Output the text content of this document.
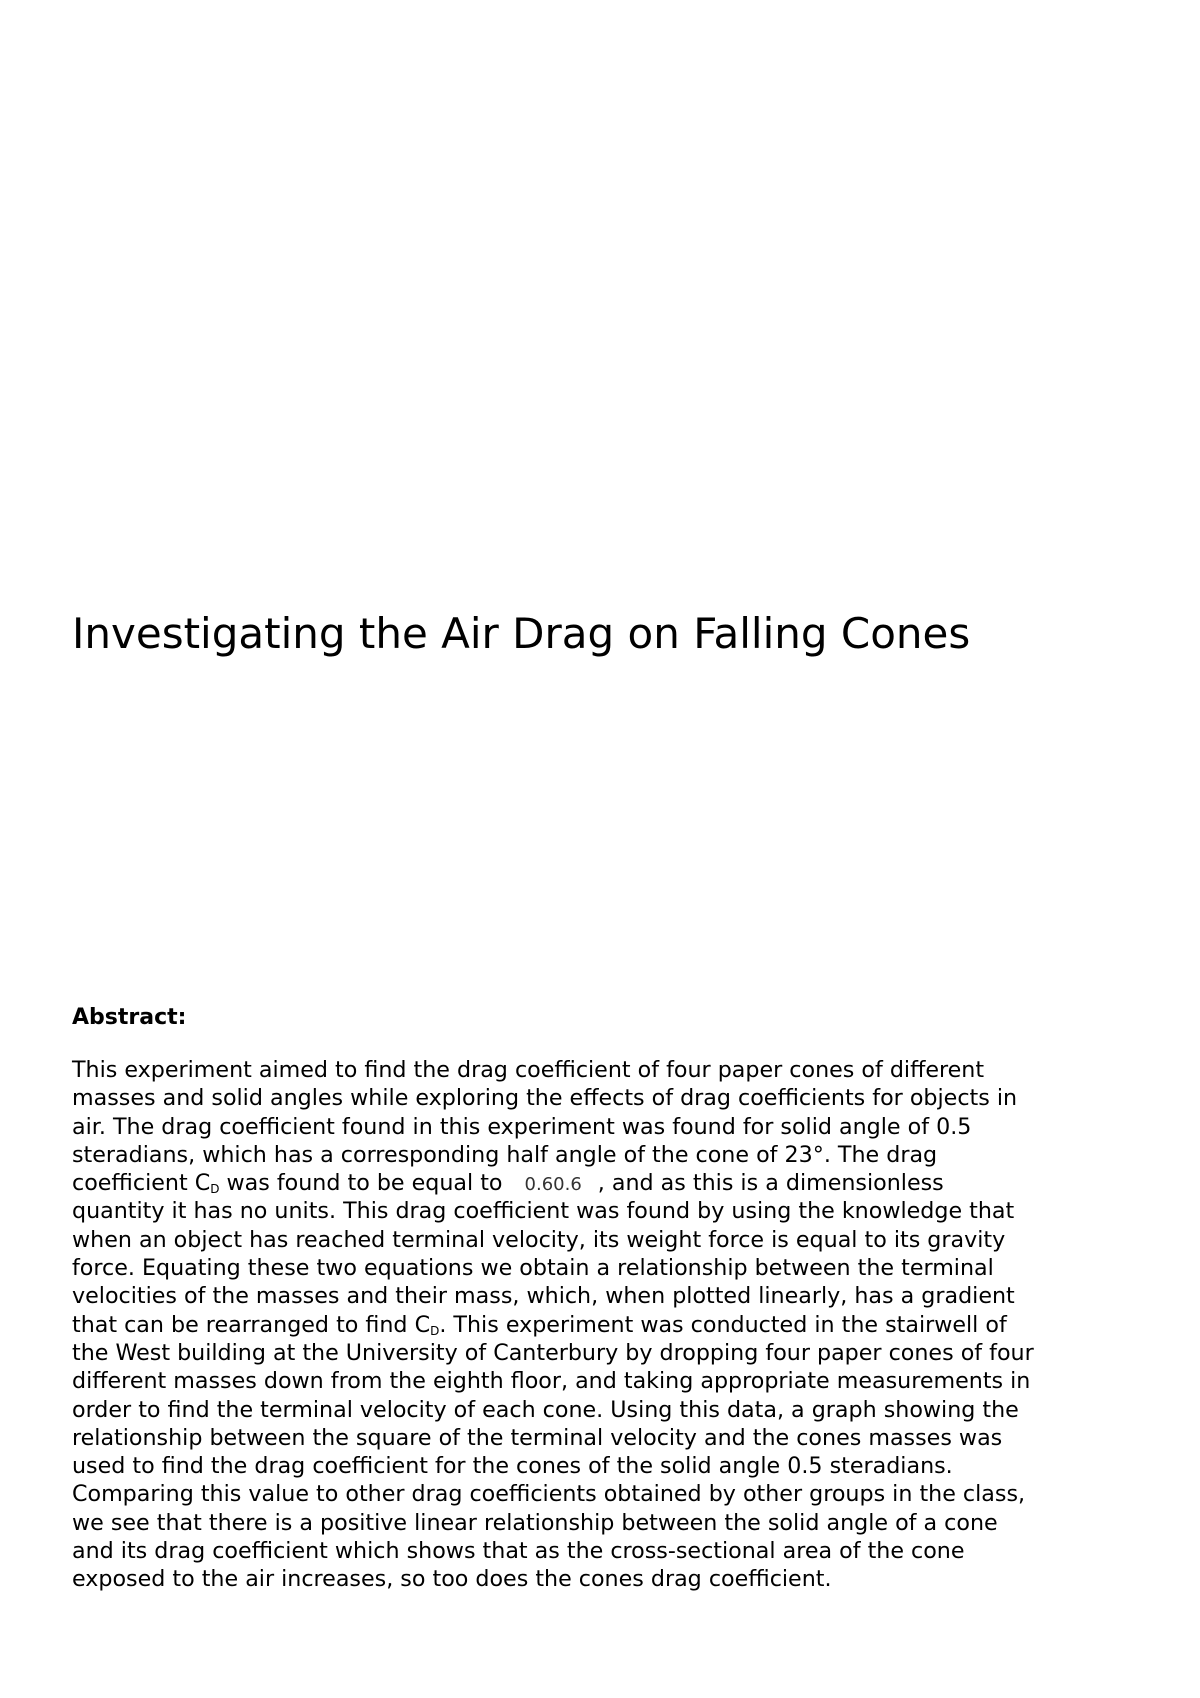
Investigating the Air Drag on Falling Cones
Abstract:
This experiment aimed to find the drag coefficient of four paper cones of different
masses and solid angles while exploring the effects of drag coefficients for objects in
air. The drag coefficient found in this experiment was found for solid angle of 0.5
steradians, which has a corresponding half angle of the cone of 23°. The drag
coefficient $C_D$ was found to be equal to 0.60.6 , and as this is a dimensionless
quantity it has no units. This drag coefficient was found by using the knowledge that
when an object has reached terminal velocity, its weight force is equal to its gravity
force. Equating these two equations we obtain a relationship between the terminal
velocities of the masses and their mass, which, when plotted linearly, has a gradient
that can be rearranged to find $C_D$. This experiment was conducted in the stairwell of
the West building at the University of Canterbury by dropping four paper cones of four
different masses down from the eighth floor, and taking appropriate measurements in
order to find the terminal velocity of each cone. Using this data, a graph showing the
relationship between the square of the terminal velocity and the cones masses was
used to find the drag coefficient for the cones of the solid angle 0.5 steradians.
Comparing this value to other drag coefficients obtained by other groups in the class,
we see that there is a positive linear relationship between the solid angle of a cone
and its drag coefficient which shows that as the cross-sectional area of the cone
exposed to the air increases, so too does the cones drag coefficient.
